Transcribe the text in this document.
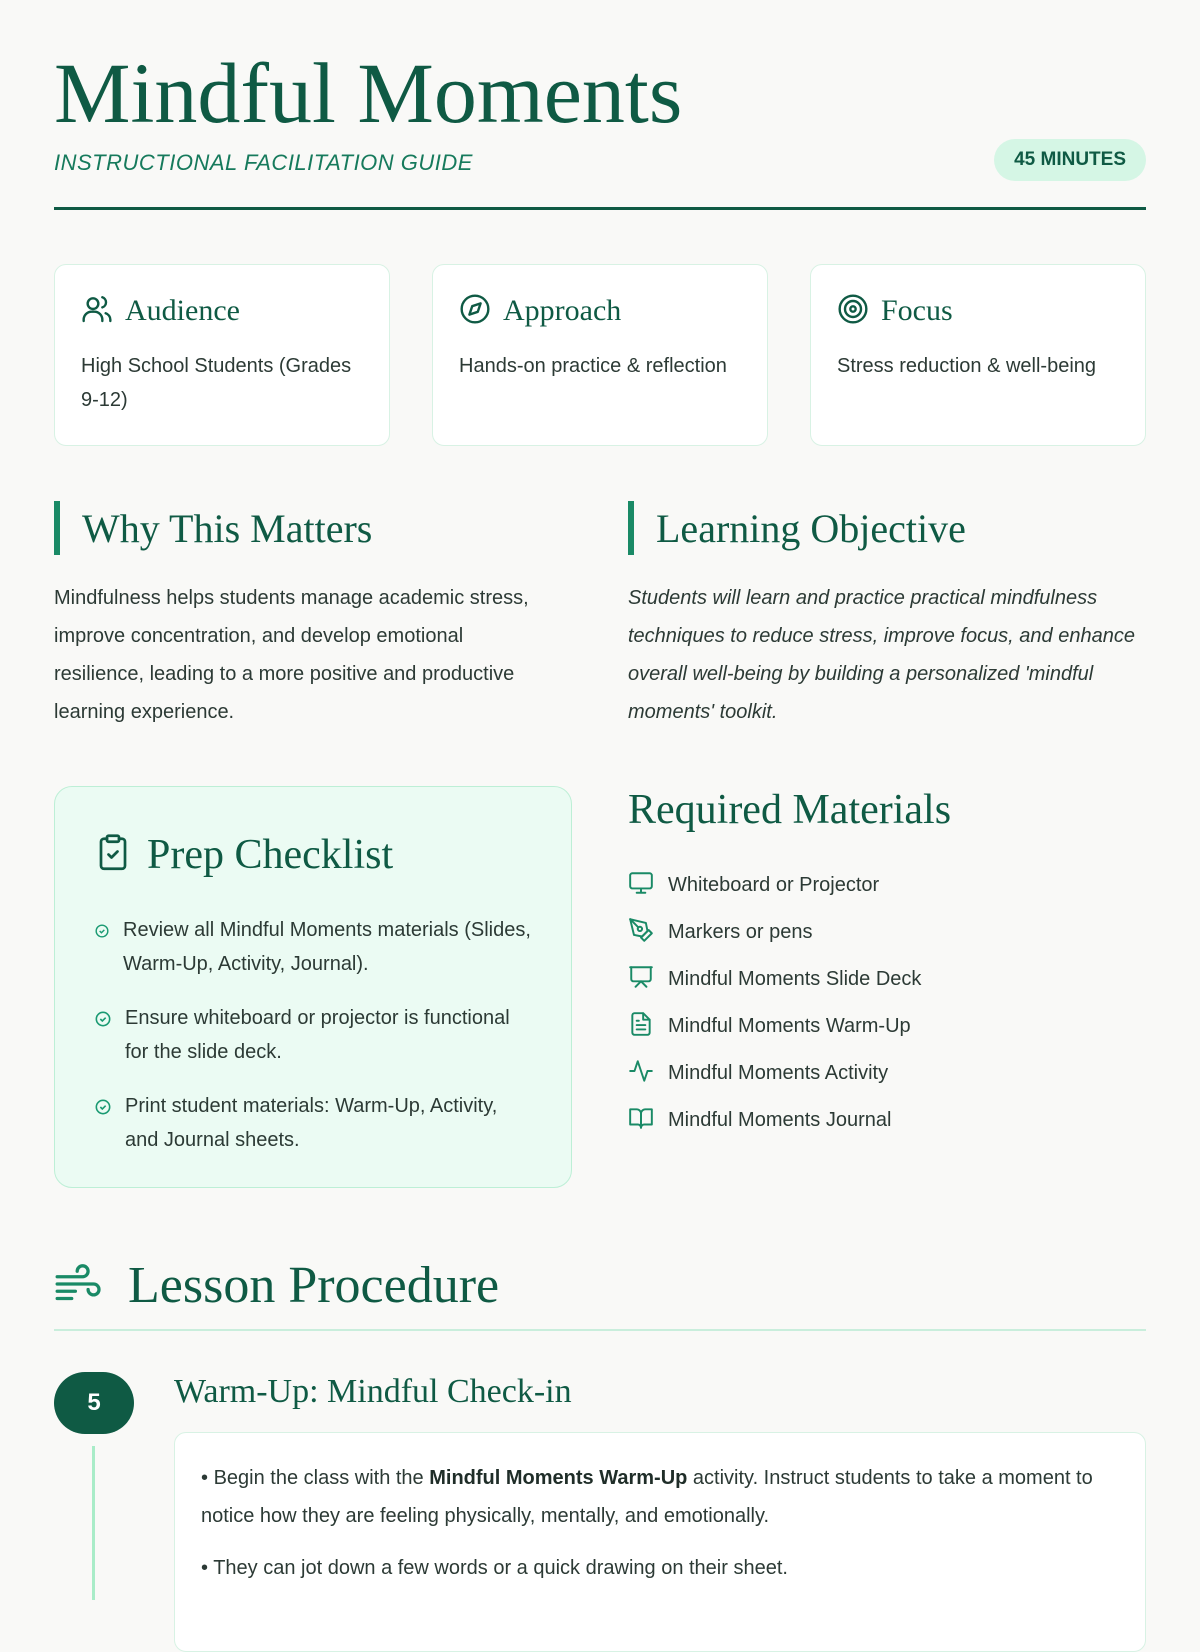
Mindful Moments
INSTRUCTIONAL FACILITATION GUIDE	45 MINUTES
Audience
High School Students (Grades 9-12)
Approach
Hands-on practice & reflection
Focus
Stress reduction & well-being
Why This Matters
Mindfulness helps students manage academic stress, improve concentration, and develop emotional resilience, leading to a more positive and productive learning experience.
Learning Objective
Students will learn and practice practical mindfulness techniques to reduce stress, improve focus, and enhance overall well-being by building a personalized 'mindful moments' toolkit.
Prep Checklist
Review all Mindful Moments materials (Slides, Warm-Up, Activity, Journal).
Ensure whiteboard or projector is functional for the slide deck.
Print student materials: Warm-Up, Activity, and Journal sheets.
Required Materials
Whiteboard or Projector
Markers or pens
Mindful Moments Slide Deck
Mindful Moments Warm-Up
Mindful Moments Activity
Mindful Moments Journal
Lesson Procedure
5	Warm-Up: Mindful Check-in

• Begin the class with the Mindful Moments Warm-Up activity. Instruct students to take a moment to notice how they are feeling physically, mentally, and emotionally.

• They can jot down a few words or a quick drawing on their sheet.
